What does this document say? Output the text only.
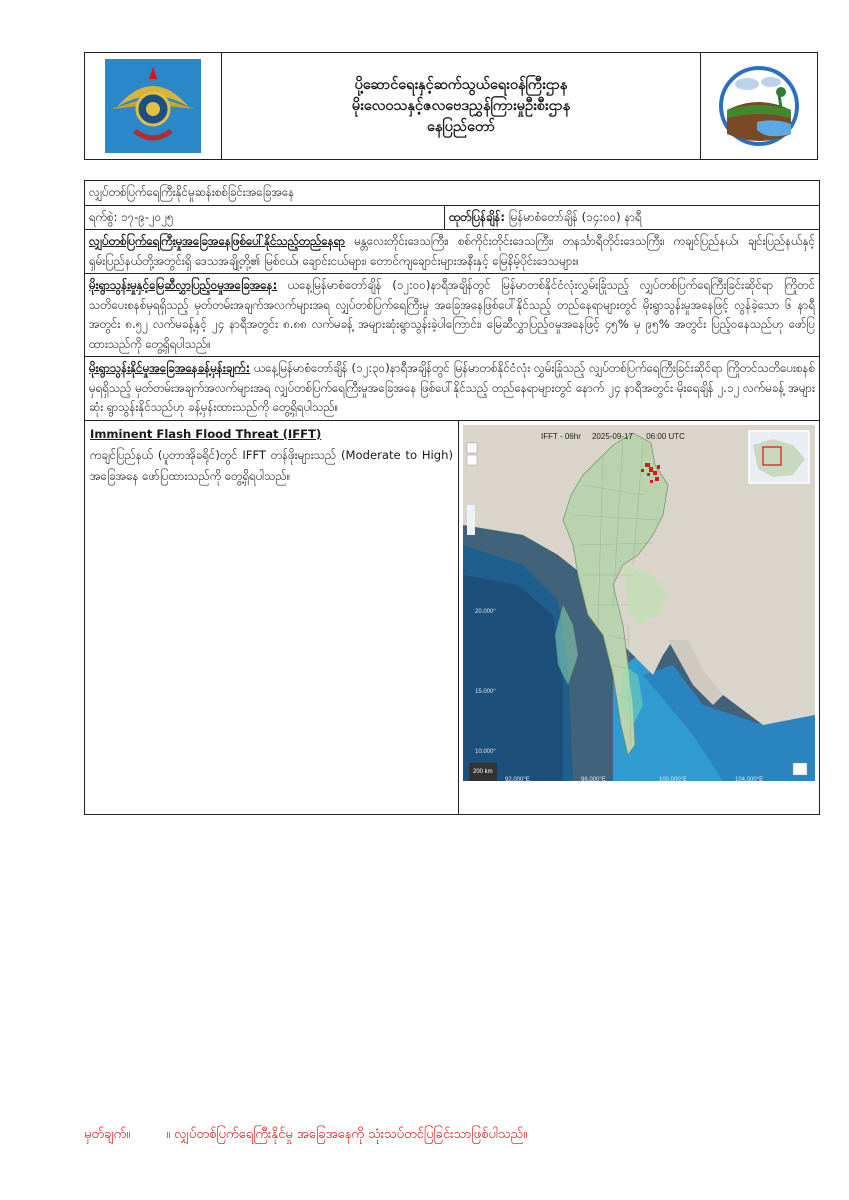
ပို့ဆောင်ရေးနှင့်ဆက်သွယ်ရေးဝန်ကြီးဌာန
မိုးလေဝသနှင့်ဇလဗေဒညွှန်ကြားမှုဦးစီးဌာန
နေပြည်တော်
လျှပ်တစ်ပြက်ရေကြီးနိုင်မှုဆန်းစစ်ခြင်းအခြေအနေ
ရက်စွဲ: ၁၇-၉-၂၀၂၅	ထုတ်ပြန်ချိန်: မြန်မာစံတော်ချိန် (၁၄:၀၀) နာရီ
လျှပ်တစ်ပြက်ရေကြီးမှုအခြေအနေဖြစ်ပေါ်နိုင်သည့်တည်နေရာ မန္တလေးတိုင်းဒေသကြီး၊ စစ်ကိုင်းတိုင်းဒေသကြီး၊ တနင်္သာရီတိုင်းဒေသကြီး၊ ကချင်ပြည်နယ်၊ ချင်းပြည်နယ်နှင့် ရှမ်းပြည်နယ်တို့အတွင်းရှိ ဒေသအချို့တို့၏ မြစ်ငယ်၊ ချောင်းငယ်များ၊ တောင်ကျချောင်းများအနီးနှင့် မြေနိမ့်ပိုင်းဒေသများ။
မိုးရွာသွန်းမှုနှင့်မြေဆီလွှာပြည့်ဝမှုအခြေအနေ: ယနေ့မြန်မာစံတော်ချိန် (၁၂:၀၀)နာရီအချိန်တွင် မြန်မာတစ်နိုင်ငံလုံးလွှမ်းခြုံသည့် လျှပ်တစ်ပြက်ရေကြီးခြင်းဆိုင်ရာ ကြိုတင်သတိပေးစနစ်မှရရှိသည့် မှတ်တမ်းအချက်အလက်များအရ လျှပ်တစ်ပြက်ရေကြီးမှု အခြေအနေဖြစ်ပေါ်နိုင်သည့် တည်နေရာများတွင် မိုးရွာသွန်းမှုအနေဖြင့် လွန်ခဲ့သော ၆ နာရီအတွင်း ၈.၅၂ လက်မခန့်နှင့် ၂၄ နာရီအတွင်း ၈.၈၈ လက်မခန့် အများဆုံးရွာသွန်းခဲ့ပါကြောင်း၊ မြေဆီလွှာပြည့်ဝမှုအနေဖြင့် ၄၅% မှ ၉၅% အတွင်း ပြည့်ဝနေသည်ဟု ဖော်ပြထားသည်ကို တွေ့ရှိရပါသည်။
မိုးရွာသွန်းနိုင်မှုအခြေအနေခန့်မှန်းချက်: ယနေ့မြန်မာစံတော်ချိန် (၁၂:၃၀)နာရီအချိန်တွင် မြန်မာတစ်နိုင်ငံလုံး လွှမ်းခြုံသည့် လျှပ်တစ်ပြက်ရေကြီးခြင်းဆိုင်ရာ ကြိုတင်သတိပေးစနစ်မှရရှိသည့် မှတ်တမ်းအချက်အလက်များအရ လျှပ်တစ်ပြက်ရေကြီးမှုအခြေအနေ ဖြစ်ပေါ်နိုင်သည့် တည်နေရာများတွင် နောက် ၂၄ နာရီအတွင်း မိုးရေချိန် ၂.၁၂ လက်မခန့် အများဆုံး ရွာသွန်းနိုင်သည်ဟု ခန့်မှန်းထားသည်ကို တွေ့ရှိရပါသည်။
Imminent Flash Flood Threat (IFFT)
ကချင်ပြည်နယ် (ပူတာအိုခရိုင်)တွင် IFFT တန်ဖိုးများသည် (Moderate to High) အခြေအနေ ဖော်ပြထားသည်ကို တွေ့ရှိရပါသည်။
IFFT - 06hr     2025-09-17      06:00 UTC
20.000°
15.000°
10.000°
92.000°E	96.000°E	100.000°E	104.000°E
200 km
မှတ်ချက်။	။ လျှပ်တစ်ပြက်ရေကြီးနိုင်မှု အခြေအနေကို သုံးသပ်တင်ပြခြင်းသာဖြစ်ပါသည်။
